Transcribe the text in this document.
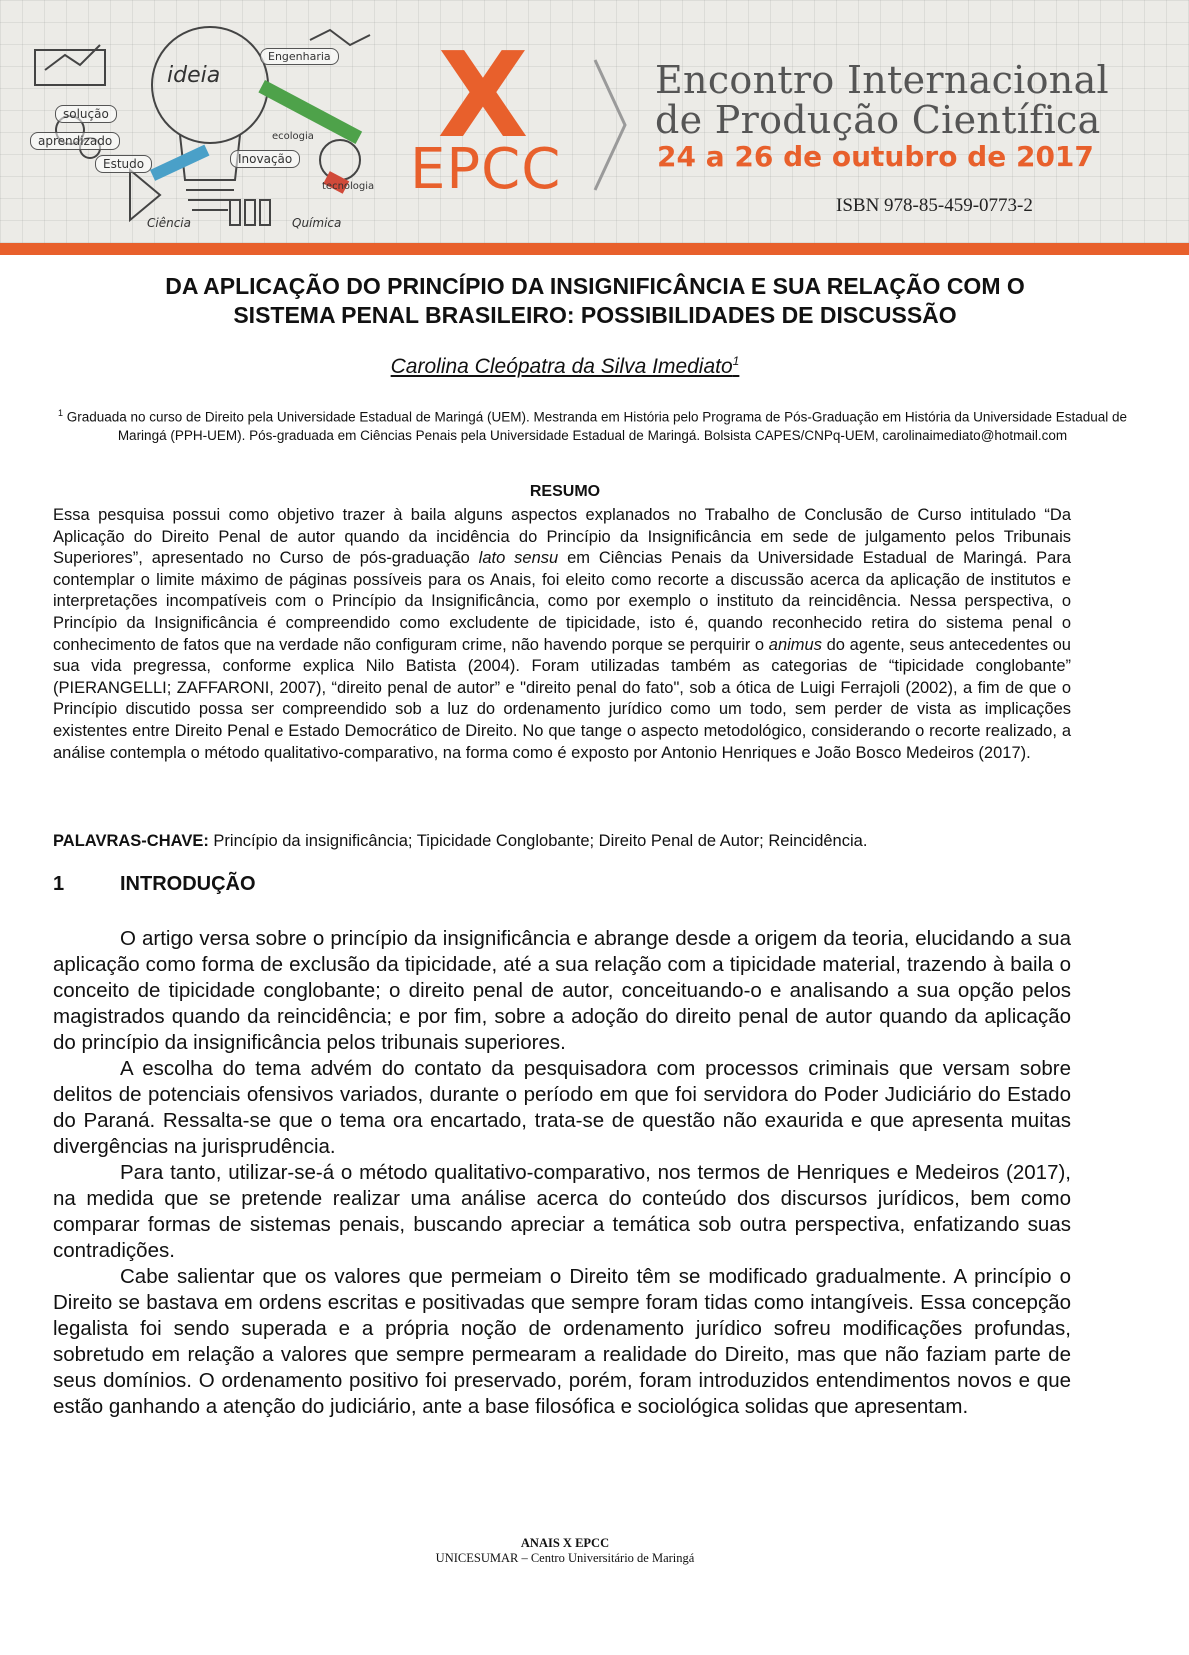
ideia
solução
aprendizado
Estudo	Inovação
Engenharia
Ciência	Química
ecologia
tecnologia
X
EPCC
Encontro Internacional
de Produção Científica
24 a 26 de outubro de 2017
ISBN 978-85-459-0773-2
DA APLICAÇÃO DO PRINCÍPIO DA INSIGNIFICÂNCIA E SUA RELAÇÃO COM O
SISTEMA PENAL BRASILEIRO: POSSIBILIDADES DE DISCUSSÃO
Carolina Cleópatra da Silva Imediato$^1$
$^1$ Graduada no curso de Direito pela Universidade Estadual de Maringá (UEM). Mestranda em História pelo Programa de Pós-Graduação em História da Universidade Estadual de Maringá (PPH-UEM). Pós-graduada em Ciências Penais pela Universidade Estadual de Maringá. Bolsista CAPES/CNPq-UEM, carolinaimediato@hotmail.com
RESUMO
Essa pesquisa possui como objetivo trazer à baila alguns aspectos explanados no Trabalho de Conclusão de Curso intitulado “Da Aplicação do Direito Penal de autor quando da incidência do Princípio da Insignificância em sede de julgamento pelos Tribunais Superiores”, apresentado no Curso de pós-graduação lato sensu em Ciências Penais da Universidade Estadual de Maringá. Para contemplar o limite máximo de páginas possíveis para os Anais, foi eleito como recorte a discussão acerca da aplicação de institutos e interpretações incompatíveis com o Princípio da Insignificância, como por exemplo o instituto da reincidência. Nessa perspectiva, o Princípio da Insignificância é compreendido como excludente de tipicidade, isto é, quando reconhecido retira do sistema penal o conhecimento de fatos que na verdade não configuram crime, não havendo porque se perquirir o animus do agente, seus antecedentes ou sua vida pregressa, conforme explica Nilo Batista (2004). Foram utilizadas também as categorias de “tipicidade conglobante” (PIERANGELLI; ZAFFARONI, 2007), “direito penal de autor” e "direito penal do fato", sob a ótica de Luigi Ferrajoli (2002), a fim de que o Princípio discutido possa ser compreendido sob a luz do ordenamento jurídico como um todo, sem perder de vista as implicações existentes entre Direito Penal e Estado Democrático de Direito. No que tange o aspecto metodológico, considerando o recorte realizado, a análise contempla o método qualitativo-comparativo, na forma como é exposto por Antonio Henriques e João Bosco Medeiros (2017).
PALAVRAS-CHAVE: Princípio da insignificância; Tipicidade Conglobante; Direito Penal de Autor; Reincidência.
1	INTRODUÇÃO

O artigo versa sobre o princípio da insignificância e abrange desde a origem da teoria, elucidando a sua aplicação como forma de exclusão da tipicidade, até a sua relação com a tipicidade material, trazendo à baila o conceito de tipicidade conglobante; o direito penal de autor, conceituando-o e analisando a sua opção pelos magistrados quando da reincidência; e por fim, sobre a adoção do direito penal de autor quando da aplicação do princípio da insignificância pelos tribunais superiores.

A escolha do tema advém do contato da pesquisadora com processos criminais que versam sobre delitos de potenciais ofensivos variados, durante o período em que foi servidora do Poder Judiciário do Estado do Paraná. Ressalta-se que o tema ora encartado, trata-se de questão não exaurida e que apresenta muitas divergências na jurisprudência.

Para tanto, utilizar-se-á o método qualitativo-comparativo, nos termos de Henriques e Medeiros (2017), na medida que se pretende realizar uma análise acerca do conteúdo dos discursos jurídicos, bem como comparar formas de sistemas penais, buscando apreciar a temática sob outra perspectiva, enfatizando suas contradições.

Cabe salientar que os valores que permeiam o Direito têm se modificado gradualmente. A princípio o Direito se bastava em ordens escritas e positivadas que sempre foram tidas como intangíveis. Essa concepção legalista foi sendo superada e a própria noção de ordenamento jurídico sofreu modificações profundas, sobretudo em relação a valores que sempre permearam a realidade do Direito, mas que não faziam parte de seus domínios. O ordenamento positivo foi preservado, porém, foram introduzidos entendimentos novos e que estão ganhando a atenção do judiciário, ante a base filosófica e sociológica solidas que apresentam.

ANAIS X EPCC
UNICESUMAR – Centro Universitário de Maringá
